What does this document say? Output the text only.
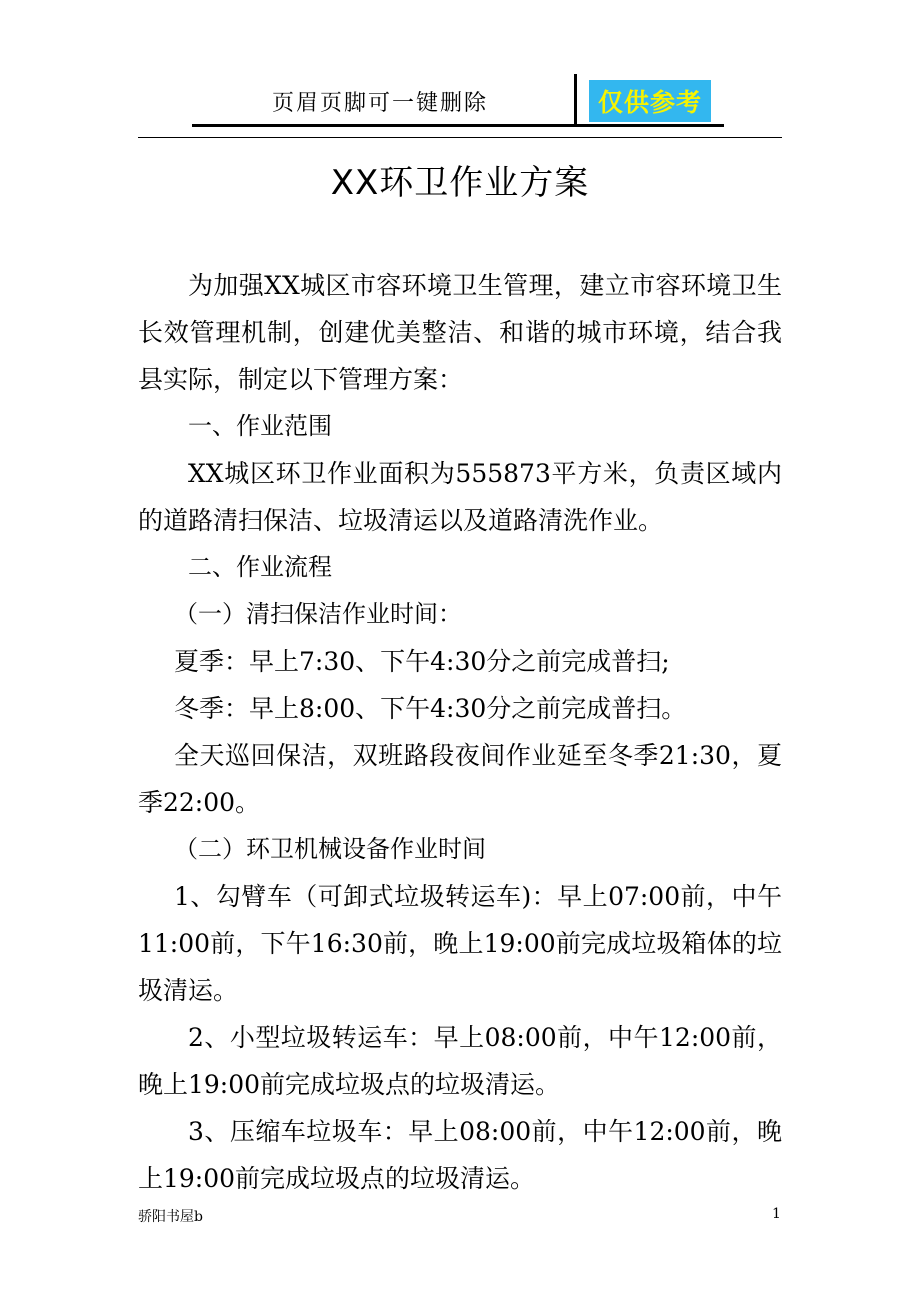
页眉页脚可一键删除	仅供参考
XX环卫作业方案

为加强XX城区市容环境卫生管理，建立市容环境卫生长效管理机制，创建优美整洁、和谐的城市环境，结合我县实际，制定以下管理方案：

一、作业范围

XX城区环卫作业面积为555873平方米，负责区域内的道路清扫保洁、垃圾清运以及道路清洗作业。

二、作业流程

（一）清扫保洁作业时间：

夏季：早上7:30、下午4:30分之前完成普扫;

冬季：早上8:00、下午4:30分之前完成普扫。

全天巡回保洁，双班路段夜间作业延至冬季21:30，夏季22:00。

（二）环卫机械设备作业时间

1、勾臂车（可卸式垃圾转运车)：早上07:00前，中午11:00前，下午16:30前，晚上19:00前完成垃圾箱体的垃圾清运。

2、小型垃圾转运车：早上08:00前，中午12:00前，晚上19:00前完成垃圾点的垃圾清运。

3、压缩车垃圾车：早上08:00前，中午12:00前，晚上19:00前完成垃圾点的垃圾清运。

骄阳书屋b	1
